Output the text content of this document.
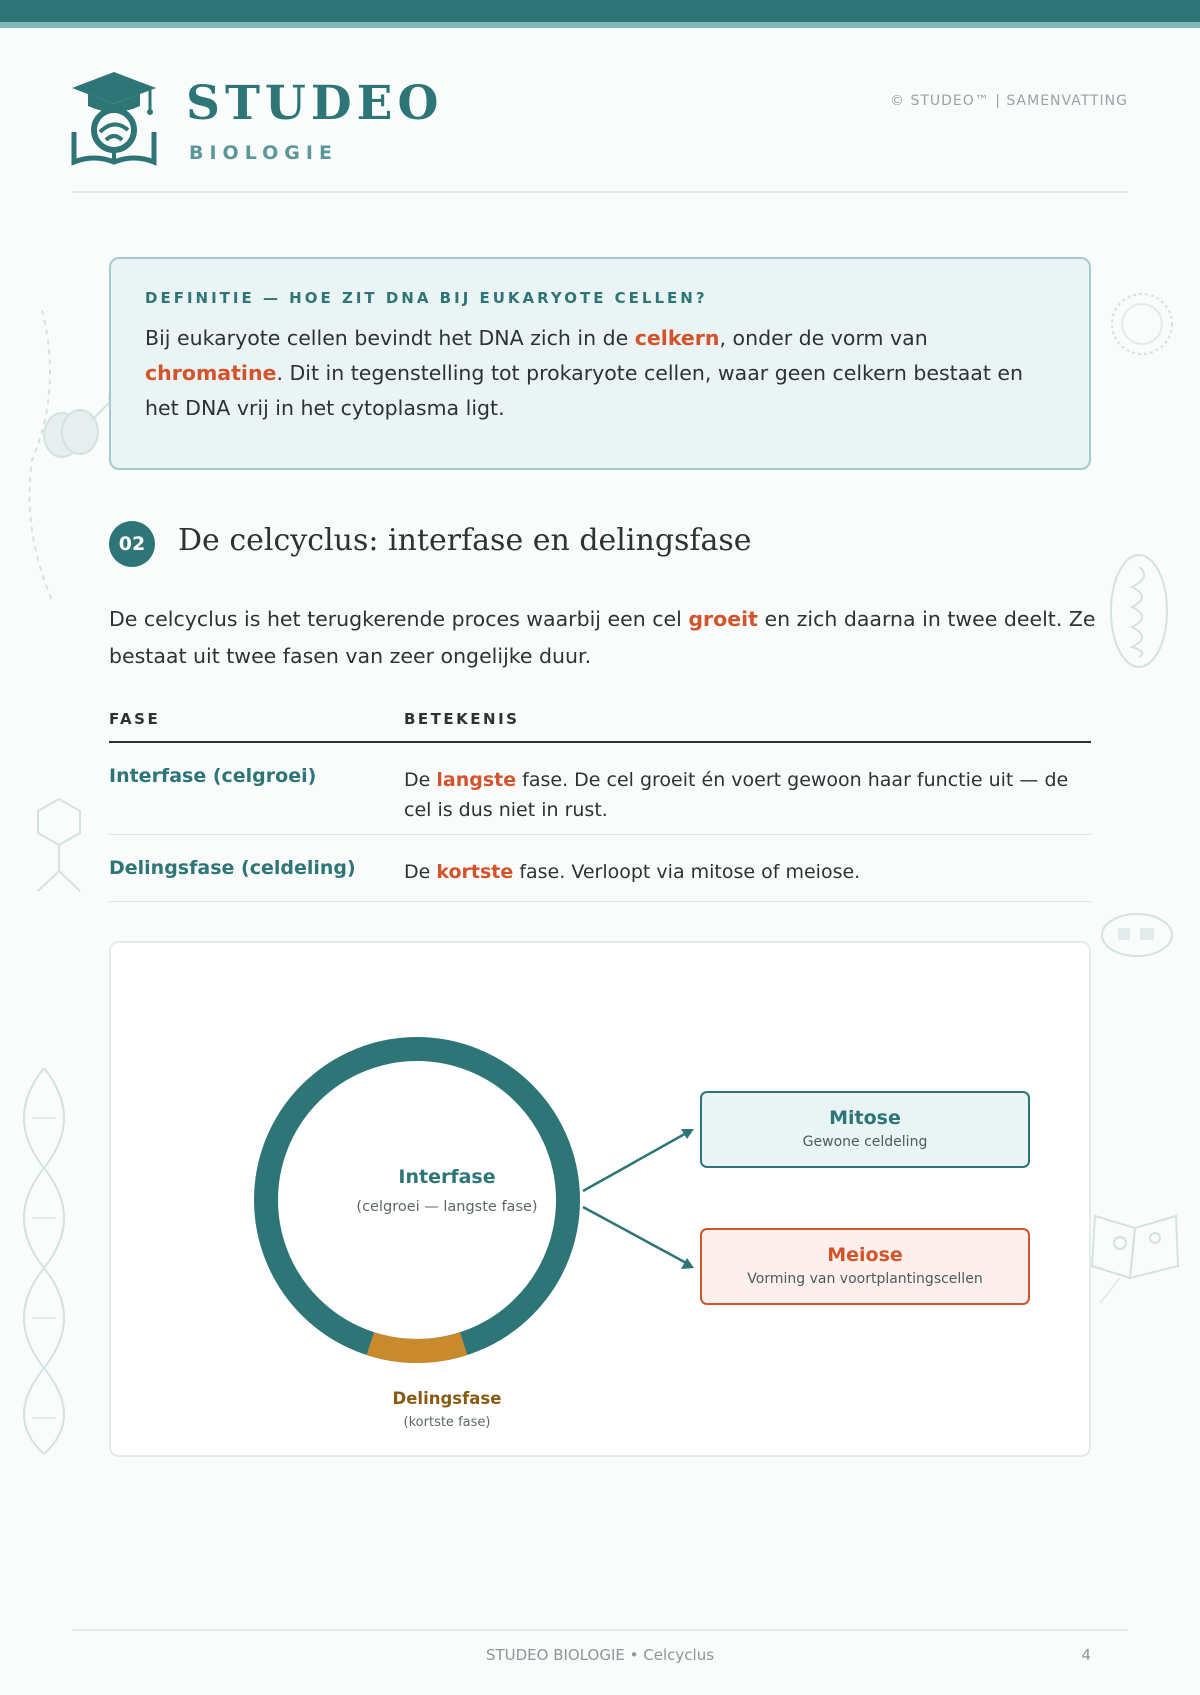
STUDEO
BIOLOGIE
© STUDEO™ | SAMENVATTING
DEFINITIE — HOE ZIT DNA BIJ EUKARYOTE CELLEN?
Bij eukaryote cellen bevindt het DNA zich in de celkern, onder de vorm van chromatine. Dit in tegenstelling tot prokaryote cellen, waar geen celkern bestaat en het DNA vrij in het cytoplasma ligt.
02	De celcyclus: interfase en delingsfase
De celcyclus is het terugkerende proces waarbij een cel groeit en zich daarna in twee deelt. Ze bestaat uit twee fasen van zeer ongelijke duur.
FASE	BETEKENIS
Interfase (celgroei)	De langste fase. De cel groeit én voert gewoon haar functie uit — de cel is dus niet in rust.
Delingsfase (celdeling)	De kortste fase. Verloopt via mitose of meiose.
Interfase
(celgroei — langste fase)
Delingsfase
(kortste fase)
Mitose
Gewone celdeling
Meiose
Vorming van voortplantingscellen
STUDEO BIOLOGIE • Celcyclus	4
